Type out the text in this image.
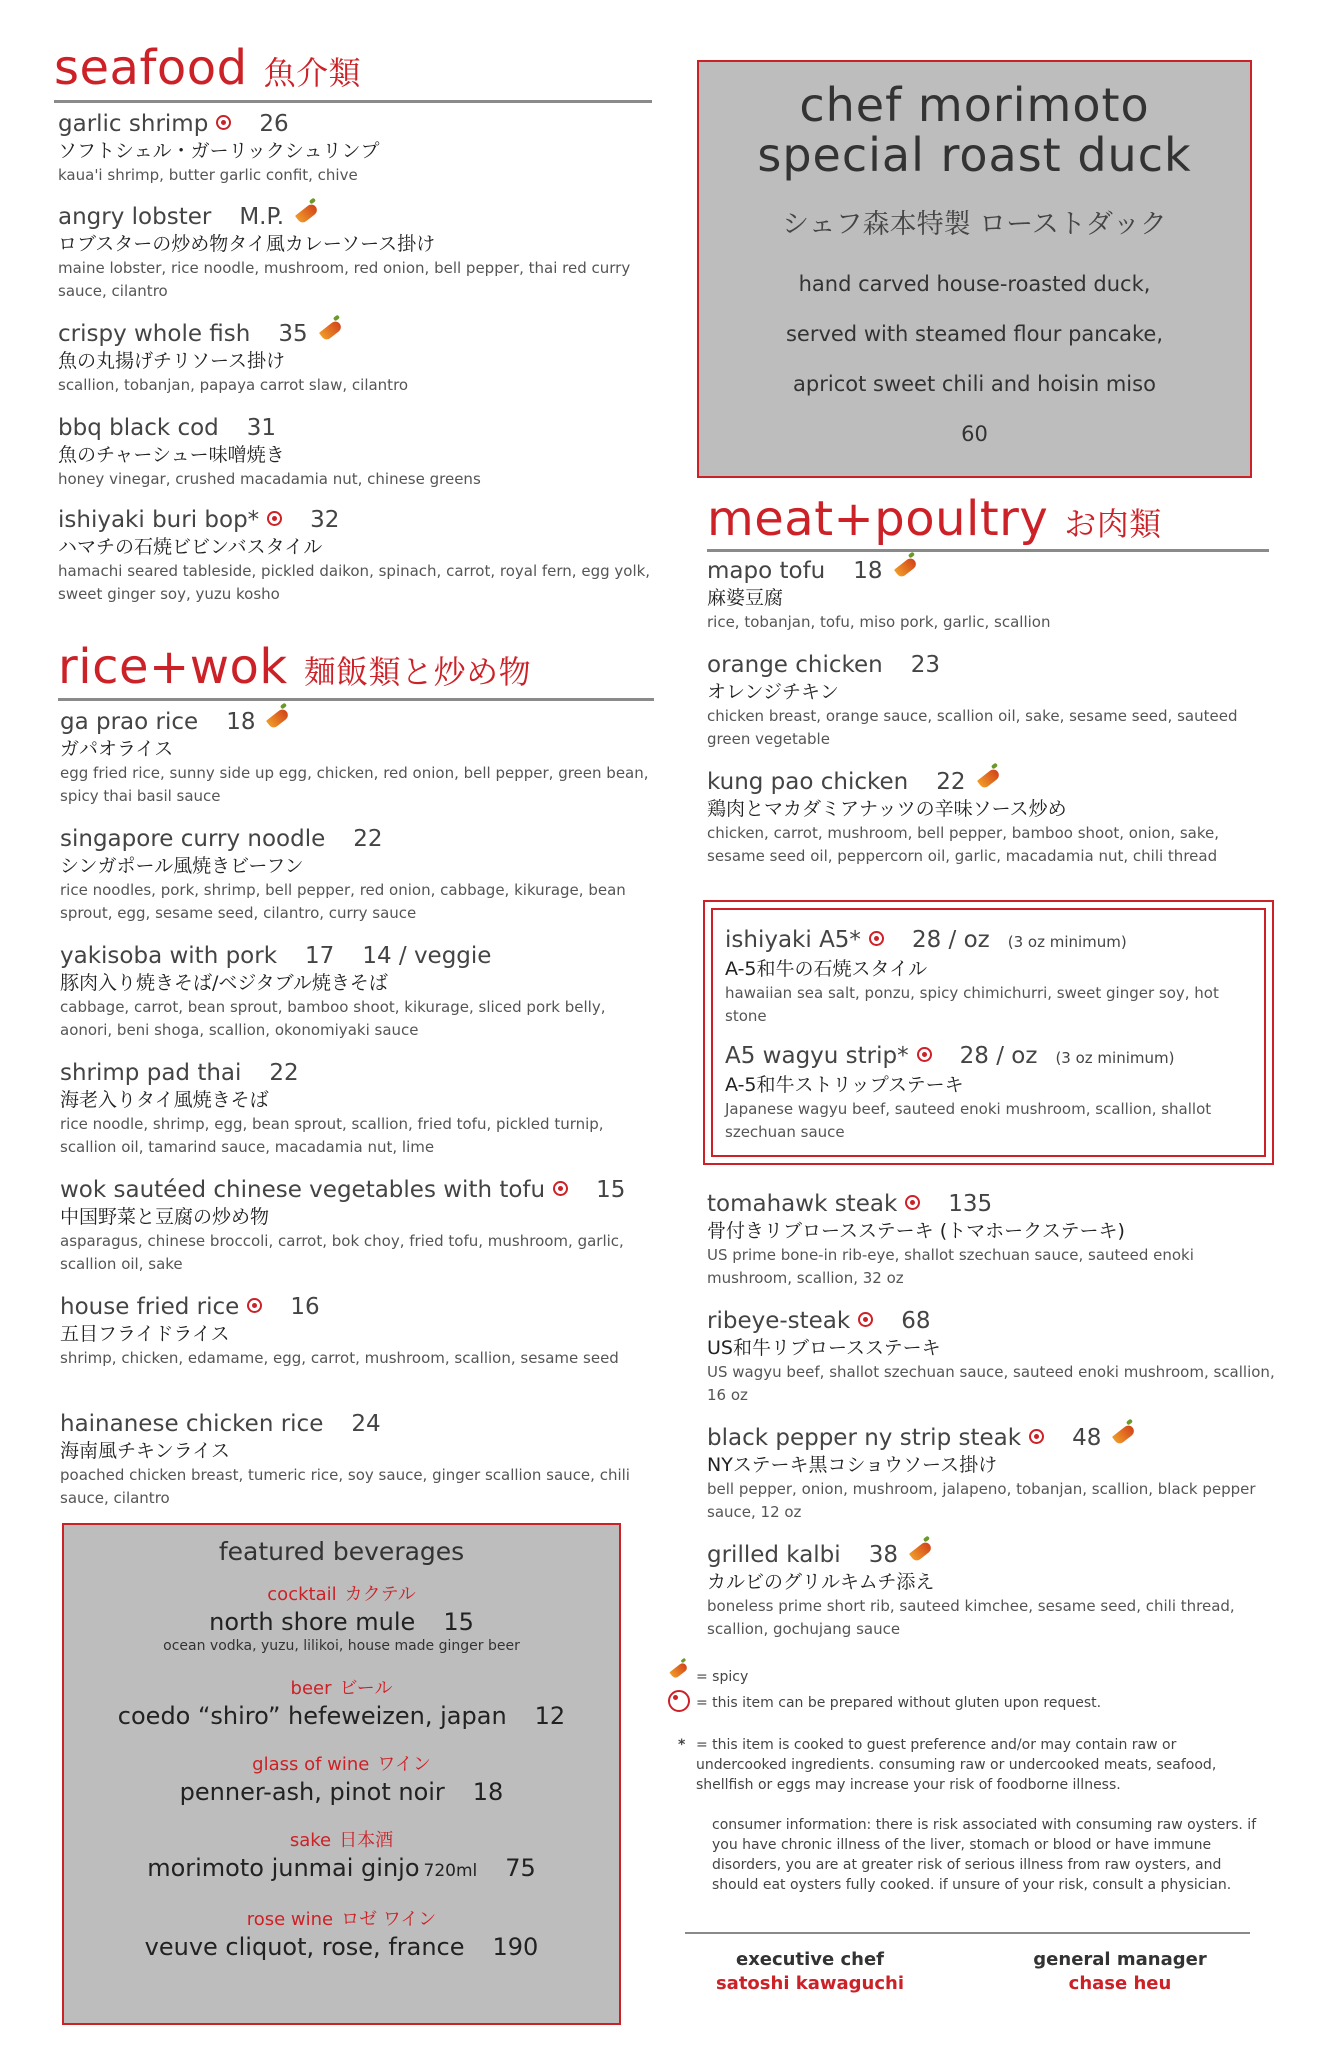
seafood 魚介類
garlic shrimp 26
ソフトシェル・ガーリックシュリンプ
kaua'i shrimp, butter garlic confit, chive
angry lobster M.P.
ロブスターの炒め物タイ風カレーソース掛け
maine lobster, rice noodle, mushroom, red onion, bell pepper, thai red curry sauce, cilantro
crispy whole fish 35
魚の丸揚げチリソース掛け
scallion, tobanjan, papaya carrot slaw, cilantro
bbq black cod 31
魚のチャーシュー味噌焼き
honey vinegar, crushed macadamia nut, chinese greens
ishiyaki buri bop* 32
ハマチの石焼ビビンバスタイル
hamachi seared tableside, pickled daikon, spinach, carrot, royal fern, egg yolk, sweet ginger soy, yuzu kosho
rice+wok 麺飯類と炒め物
ga prao rice 18
ガパオライス
egg fried rice, sunny side up egg, chicken, red onion, bell pepper, green bean, spicy thai basil sauce
singapore curry noodle 22
シンガポール風焼きビーフン
rice noodles, pork, shrimp, bell pepper, red onion, cabbage, kikurage, bean sprout, egg, sesame seed, cilantro, curry sauce
yakisoba with pork 17 14 / veggie
豚肉入り焼きそば/ベジタブル焼きそば
cabbage, carrot, bean sprout, bamboo shoot, kikurage, sliced pork belly, aonori, beni shoga, scallion, okonomiyaki sauce
shrimp pad thai 22
海老入りタイ風焼きそば
rice noodle, shrimp, egg, bean sprout, scallion, fried tofu, pickled turnip, scallion oil, tamarind sauce, macadamia nut, lime
wok sautéed chinese vegetables with tofu 15
中国野菜と豆腐の炒め物
asparagus, chinese broccoli, carrot, bok choy, fried tofu, mushroom, garlic, scallion oil, sake
house fried rice 16
五目フライドライス
shrimp, chicken, edamame, egg, carrot, mushroom, scallion, sesame seed
hainanese chicken rice 24
海南風チキンライス
poached chicken breast, tumeric rice, soy sauce, ginger scallion sauce, chili sauce, cilantro
featured beverages
cocktail カクテル
north shore mule 15
ocean vodka, yuzu, lilikoi, house made ginger beer
beer ビール
coedo “shiro” hefeweizen, japan 12
glass of wine ワイン
penner-ash, pinot noir 18
sake 日本酒
morimoto junmai ginjo 720ml 75
rose wine ロゼ ワイン
veuve cliquot, rose, france 190
chef morimoto
special roast duck
シェフ森本特製 ローストダック
hand carved house-roasted duck,
served with steamed flour pancake,
apricot sweet chili and hoisin miso
60
meat+poultry お肉類
mapo tofu 18
麻婆豆腐
rice, tobanjan, tofu, miso pork, garlic, scallion
orange chicken 23
オレンジチキン
chicken breast, orange sauce, scallion oil, sake, sesame seed, sauteed green vegetable
kung pao chicken 22
鶏肉とマカダミアナッツの辛味ソース炒め
chicken, carrot, mushroom, bell pepper, bamboo shoot, onion, sake, sesame seed oil, peppercorn oil, garlic, macadamia nut, chili thread
ishiyaki A5* 28 / oz (3 oz minimum)
A-5和牛の石焼スタイル
hawaiian sea salt, ponzu, spicy chimichurri, sweet ginger soy, hot stone
A5 wagyu strip* 28 / oz (3 oz minimum)
A-5和牛ストリップステーキ
Japanese wagyu beef, sauteed enoki mushroom, scallion, shallot szechuan sauce
tomahawk steak 135
骨付きリブロースステーキ (トマホークステーキ)
US prime bone-in rib-eye, shallot szechuan sauce, sauteed enoki mushroom, scallion, 32 oz
ribeye-steak 68
US和牛リブロースステーキ
US wagyu beef, shallot szechuan sauce, sauteed enoki mushroom, scallion, 16 oz
black pepper ny strip steak 48
NYステーキ黒コショウソース掛け
bell pepper, onion, mushroom, jalapeno, tobanjan, scallion, black pepper sauce, 12 oz
grilled kalbi 38
カルビのグリルキムチ添え
boneless prime short rib, sauteed kimchee, sesame seed, chili thread, scallion, gochujang sauce
= spicy
= this item can be prepared without gluten upon request.
* = this item is cooked to guest preference and/or may contain raw or undercooked ingredients. consuming raw or undercooked meats, seafood, shellfish or eggs may increase your risk of foodborne illness.
consumer information: there is risk associated with consuming raw oysters. if you have chronic illness of the liver, stomach or blood or have immune disorders, you are at greater risk of serious illness from raw oysters, and should eat oysters fully cooked. if unsure of your risk, consult a physician.
executive chef
satoshi kawaguchi
general manager
chase heu
